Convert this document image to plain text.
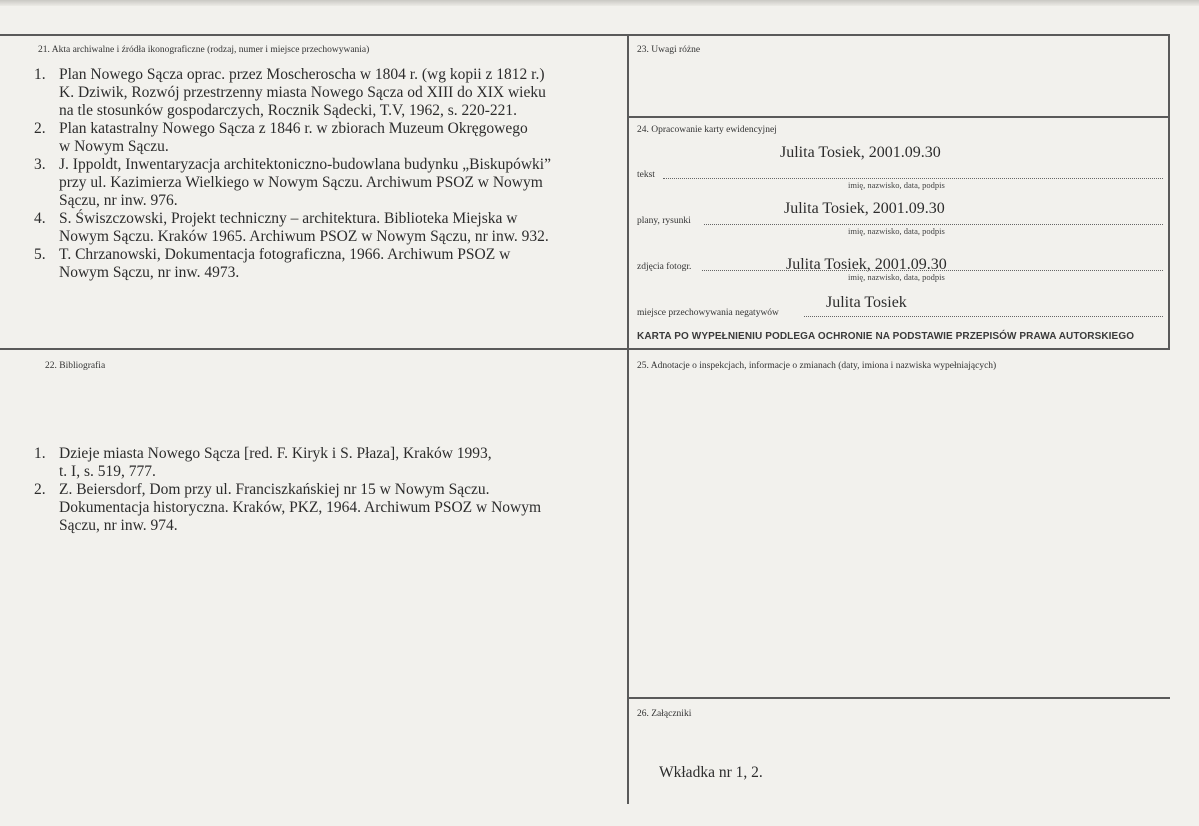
21. Akta archiwalne i źródła ikonograficzne (rodzaj, numer i miejsce przechowywania)
1. Plan Nowego Sącza oprac. przez Moscheroscha w 1804 r. (wg kopii z 1812 r.)
K. Dziwik, Rozwój przestrzenny miasta Nowego Sącza od XIII do XIX wieku
na tle stosunków gospodarczych, Rocznik Sądecki, T.V, 1962, s. 220-221.
2. Plan katastralny Nowego Sącza z 1846 r. w zbiorach Muzeum Okręgowego
w Nowym Sączu.
3. J. Ippoldt, Inwentaryzacja architektoniczno-budowlana budynku „Biskupówki”
przy ul. Kazimierza Wielkiego w Nowym Sączu. Archiwum PSOZ w Nowym
Sączu, nr inw. 976.
4. S. Świszczowski, Projekt techniczny – architektura. Biblioteka Miejska w
Nowym Sączu. Kraków 1965. Archiwum PSOZ w Nowym Sączu, nr inw. 932.
5. T. Chrzanowski, Dokumentacja fotograficzna, 1966. Archiwum PSOZ w
Nowym Sączu, nr inw. 4973.
22. Bibliografia
1. Dzieje miasta Nowego Sącza [red. F. Kiryk i S. Płaza], Kraków 1993,
t. I, s. 519, 777.
2. Z. Beiersdorf, Dom przy ul. Franciszkańskiej nr 15 w Nowym Sączu.
Dokumentacja historyczna. Kraków, PKZ, 1964. Archiwum PSOZ w Nowym
Sączu, nr inw. 974.
23. Uwagi różne
24. Opracowanie karty ewidencyjnej
Julita Tosiek, 2001.09.30
tekst
imię, nazwisko, data, podpis
Julita Tosiek, 2001.09.30
plany, rysunki
imię, nazwisko, data, podpis
Julita Tosiek, 2001.09.30
zdjęcia fotogr.
imię, nazwisko, data, podpis
Julita Tosiek
miejsce przechowywania negatywów
KARTA PO WYPEŁNIENIU PODLEGA OCHRONIE NA PODSTAWIE PRZEPISÓW PRAWA AUTORSKIEGO
25. Adnotacje o inspekcjach, informacje o zmianach (daty, imiona i nazwiska wypełniających)
26. Załączniki
Wkładka nr 1, 2.
